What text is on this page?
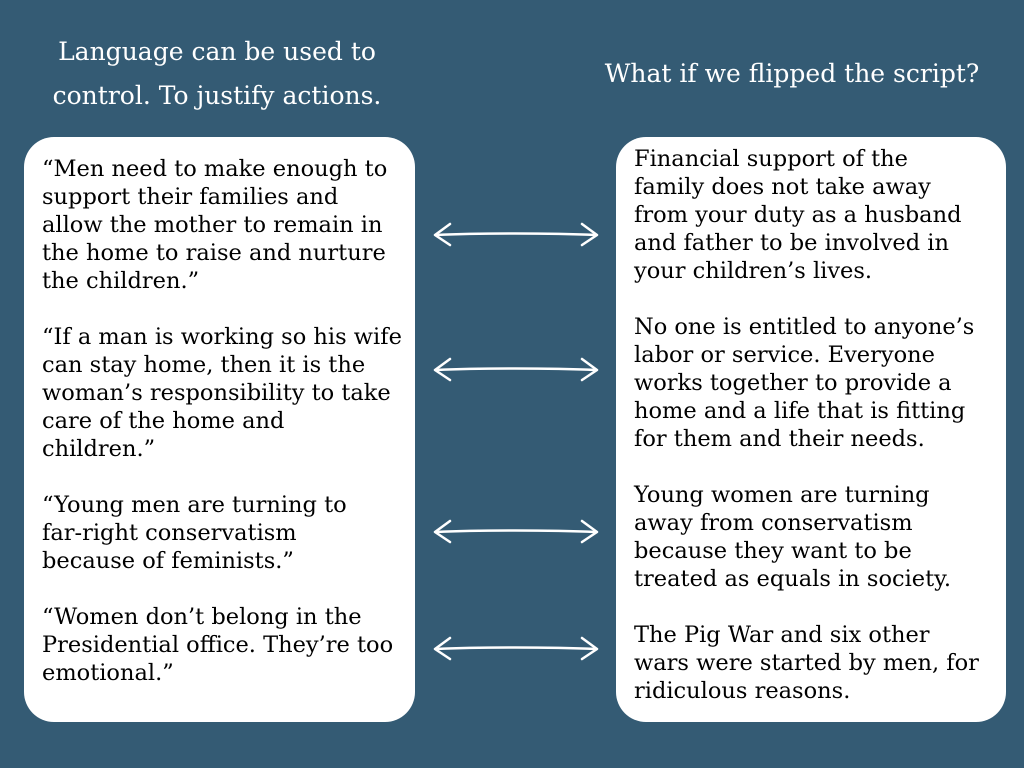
Language can be used to
control. To justify actions.
What if we flipped the script?

“Men need to make enough to support their families and allow the mother to remain in the home to raise and nurture the children.”

“If a man is working so his wife can stay home, then it is the woman’s responsibility to take care of the home and children.”

“Young men are turning to far-right conservatism because of feminists.”

“Women don’t belong in the Presidential office. They’re too emotional.”

Financial support of the
family does not take away
from your duty as a husband
and father to be involved in
your children’s lives.

No one is entitled to anyone’s
labor or service. Everyone
works together to provide a
home and a life that is fitting
for them and their needs.

Young women are turning
away from conservatism
because they want to be
treated as equals in society.

The Pig War and six other
wars were started by men, for
ridiculous reasons.
